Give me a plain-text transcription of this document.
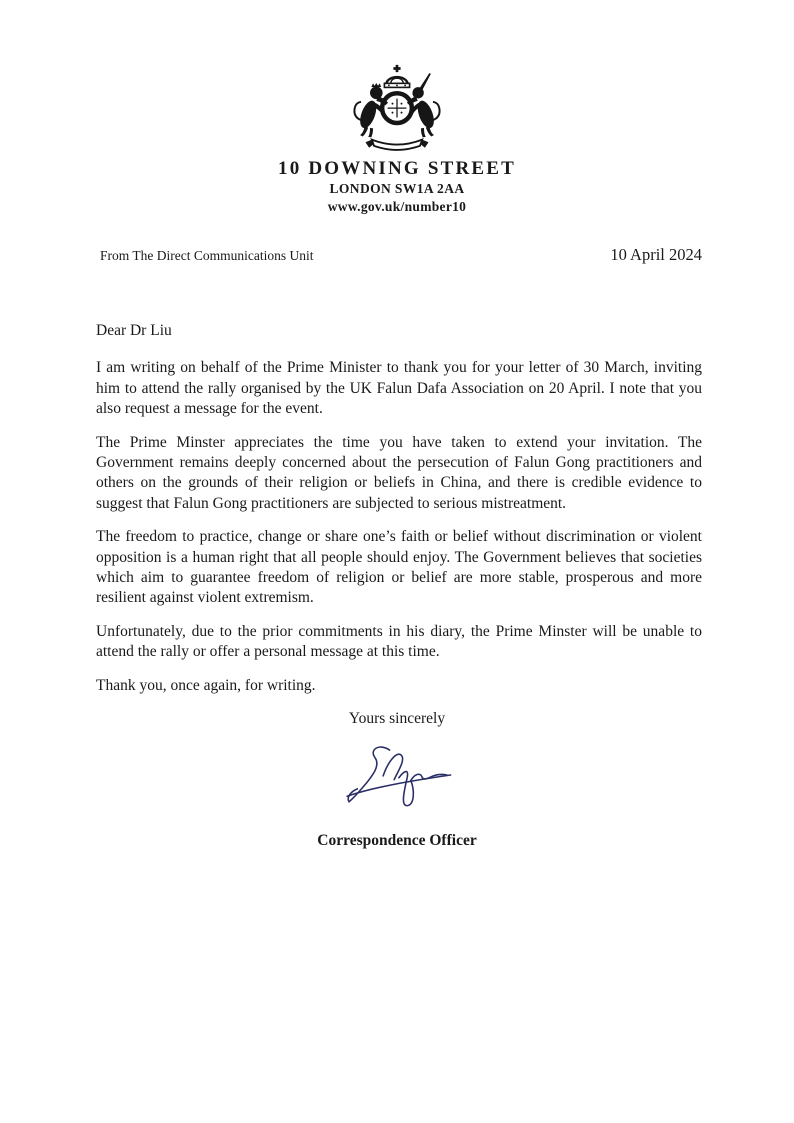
10 DOWNING STREET
LONDON SW1A 2AA
www.gov.uk/number10
From The Direct Communications Unit	10 April 2024

Dear Dr Liu

I am writing on behalf of the Prime Minister to thank you for your letter of 30 March, inviting him to attend the rally organised by the UK Falun Dafa Association on 20 April. I note that you also request a message for the event.

The Prime Minster appreciates the time you have taken to extend your invitation. The Government remains deeply concerned about the persecution of Falun Gong practitioners and others on the grounds of their religion or beliefs in China, and there is credible evidence to suggest that Falun Gong practitioners are subjected to serious mistreatment.

The freedom to practice, change or share one’s faith or belief without discrimination or violent opposition is a human right that all people should enjoy. The Government believes that societies which aim to guarantee freedom of religion or belief are more stable, prosperous and more resilient against violent extremism.

Unfortunately, due to the prior commitments in his diary, the Prime Minster will be unable to attend the rally or offer a personal message at this time.

Thank you, once again, for writing.

Yours sincerely
Correspondence Officer
